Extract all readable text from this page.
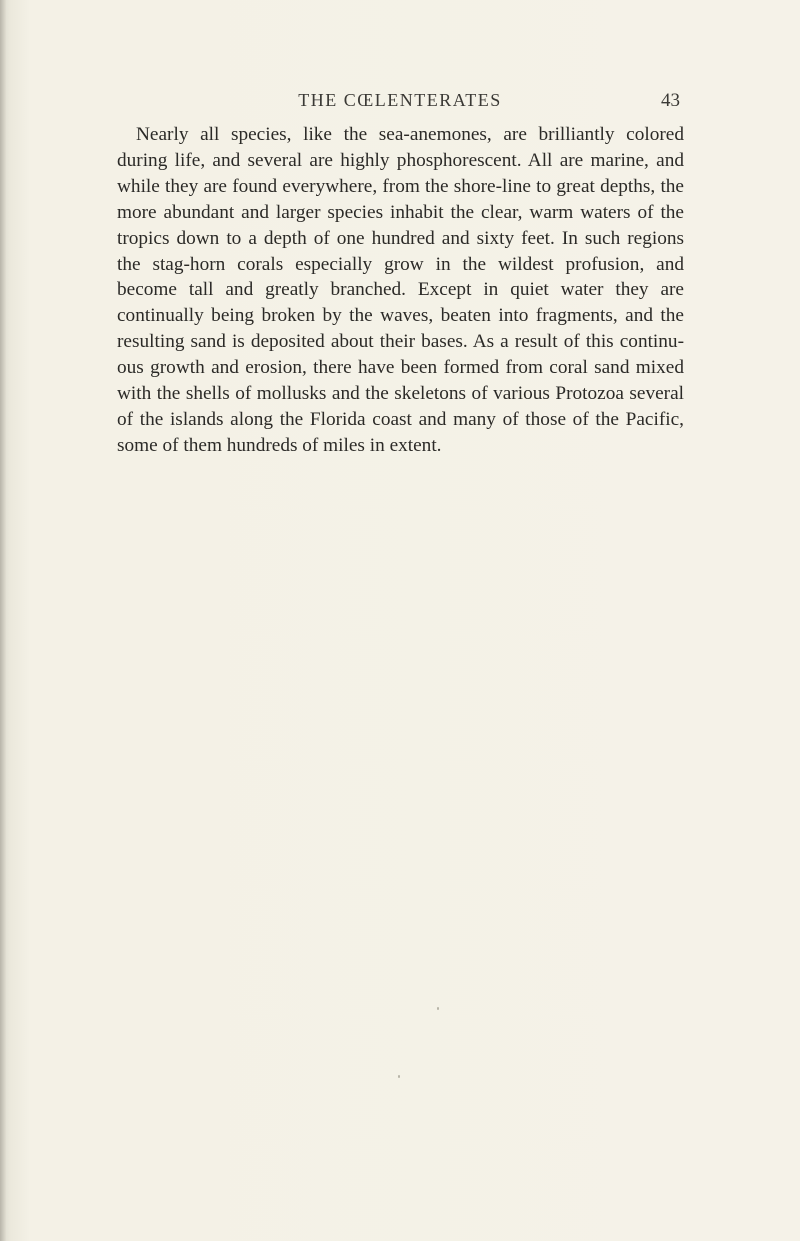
THE CŒLENTERATES	43

Nearly all species, like the sea-anemones, are brilliantly colored during life, and several are highly phosphorescent. All are marine, and while they are found everywhere, from the shore-line to great depths, the more abundant and larger species inhabit the clear, warm waters of the tropics down to a depth of one hundred and sixty feet. In such regions the stag-horn corals especially grow in the wildest profusion, and become tall and greatly branched. Except in quiet water they are continually being broken by the waves, beaten into fragments, and the resulting sand is deposited about their bases. As a result of this continuous growth and erosion, there have been formed from coral sand mixed with the shells of mollusks and the skeletons of various Protozoa several of the islands along the Florida coast and many of those of the Pacific, some of them hundreds of miles in extent.
